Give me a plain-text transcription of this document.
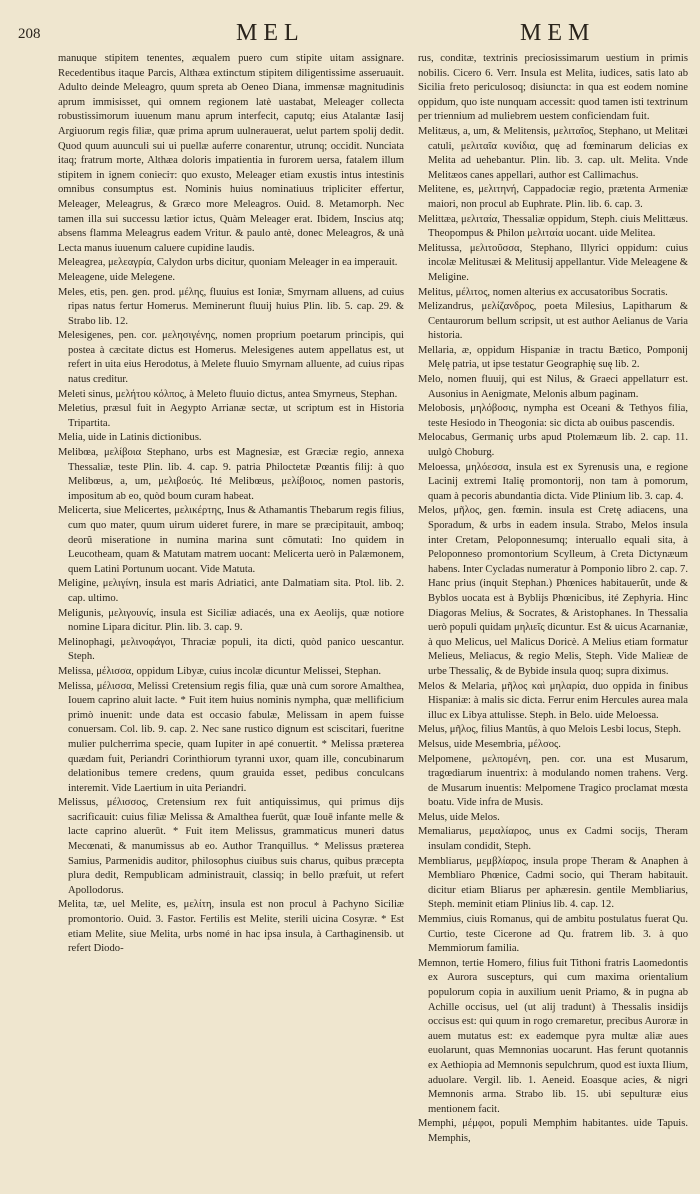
208	MEL	MEM

manuque stipitem tenentes, æqualem puero cum stipite uitam assignare. Recedentibus itaque Parcis, Althæa extinctum stipitem diligentissime asseruauit. Adulto deinde Meleagro, quum spreta ab Oeneo Diana, immensæ magnitudinis aprum immisisset, qui omnem regionem latè uastabat, Meleager collecta robustissimorum iuuenum manu aprum interfecit, caputq; eius Atalantæ Iasij Argiuorum regis filiæ, quæ prima aprum uulnerauerat, uelut partem spolij dedit. Quod quum auunculi sui ui puellæ auferre conarentur, utrunq; occidit. Nunciata itaq; fratrum morte, Althæa doloris impatientia in furorem uersa, fatalem illum stipitem in ignem conieciт: quo exusto, Meleager etiam exustis intus intestinis omnibus consumptus est. Nominis huius nominatiuus tripliciter effertur, Meleager, Meleagrus, & Græco more Meleagros. Ouid. 8. Metamorph. Nec tamen illa sui successu lætior ictus, Quàm Meleager erat. Ibidem, Inscius atq; absens flamma Meleagrus eadem Vritur. & paulo antè, donec Meleagros, & unà Lecta manus iuuenum caluere cupidine laudis.

Meleagrea, μελεαγρία, Calydon urbs dicitur, quoniam Meleager in ea imperauit.

Meleagene, uide Melegene.

Meles, etis, pen. gen. prod. μέλης, fluuius est Ioniæ, Smyrnam alluens, ad cuius ripas natus fertur Homerus. Meminerunt fluuij huius Plin. lib. 5. cap. 29. & Strabo lib. 12.

Melesigenes, pen. cor. μελησιγένης, nomen proprium poetarum principis, qui postea à cæcitate dictus est Homerus. Melesigenes autem appellatus est, ut refert in uita eius Herodotus, à Melete fluuio Smyrnam alluente, ad cuius ripas natus creditur.

Meleti sinus, μελήτου κόλπος, à Meleto fluuio dictus, antea Smyrneus, Stephan.

Meletius, præsul fuit in Aegypto Arrianæ sectæ, ut scriptum est in Historia Tripartita.

Melia, uide in Latinis dictionibus.

Melibœa, μελίβοια Stephano, urbs est Magnesiæ, est Græciæ regio, annexa Thessaliæ, teste Plin. lib. 4. cap. 9. patria Philoctetæ Pœantis filij: à quo Melibœus, a, um, μελιβοεύς. Ité Melibœus, μελίβοιος, nomen pastoris, impositum ab eo, quòd boum curam habeat.

Melicerta, siue Melicertes, μελικέρτης, Inus & Athamantis Thebarum regis filius, cum quo mater, quum uirum uideret furere, in mare se præcipitauit, amboq; deorũ miseratione in numina marina sunt cõmutati: Ino quidem in Leucotheam, quam & Matutam matrem uocant: Melicerta uerò in Palæmonem, quem Latini Portunum uocant. Vide Matuta.

Meligine, μελιγίνη, insula est maris Adriatici, ante Dalmatiam sita. Ptol. lib. 2. cap. ultimo.

Meligunis, μελιγουνίς, insula est Siciliæ adiacés, una ex Aeolijs, quæ notiore nomine Lipara dicitur. Plin. lib. 3. cap. 9.

Melinophagi, μελινοφάγοι, Thraciæ populi, ita dicti, quòd panico uescantur. Steph.

Melissa, μέλισσα, oppidum Libyæ, cuius incolæ dicuntur Melissei, Stephan.

Melissa, μέλισσα, Melissi Cretensium regis filia, quæ unà cum sorore Amalthea, Iouem caprino aluit lacte. * Fuit item huius nominis nympha, quæ mellificium primò inuenit: unde data est occasio fabulæ, Melissam in apem fuisse conuersam. Col. lib. 9. cap. 2. Nec sane rustico dignum est sciscitari, fueritne mulier pulcherrima specie, quam Iupiter in apé conuertit. * Melissa præterea quædam fuit, Periandri Corinthiorum tyranni uxor, quam ille, concubinarum delationibus temere credens, quum grauida esset, pedibus conculcans interemit. Vide Laertium in uita Periandri.

Melissus, μέλισσος, Cretensium rex fuit antiquissimus, qui primus dijs sacrificauit: cuius filiæ Melissa & Amalthea fuerūt, quæ Iouē infante melle & lacte caprino aluerūt. * Fuit item Melissus, grammaticus muneri datus Mecœnati, & manumissus ab eo. Author Tranquillus. * Melissus præterea Samius, Parmenidis auditor, philosophus ciuibus suis charus, quibus præcepta plura dedit, Rempublicam administrauit, classiq; in bello præfuit, ut refert Apollodorus.

Melita, tæ, uel Melite, es, μελίτη, insula est non procul à Pachyno Siciliæ promontorio. Ouid. 3. Fastor. Fertilis est Melite, sterili uicina Cosyræ. * Est etiam Melite, siue Melita, urbs nomé in hac ipsa insula, à Carthaginensib. ut refert Diodo-

rus, conditæ, textrinis preciosissimarum uestium in primis nobilis. Cicero 6. Verr. Insula est Melita, iudices, satis lato ab Sicilia freto periculosoq; disiuncta: in qua est eodem nomine oppidum, quo iste nunquam accessit: quod tamen isti textrinum per triennium ad muliebrem uestem conficiendam fuit.

Melitæus, a, um, & Melitensis, μελιταῖος, Stephano, ut Melitæi catuli, μελιταῖα κυνίδια, quę ad fœminarum delicias ex Melita ad uehebantur. Plin. lib. 3. cap. ult. Melita. Vnde Melitæos canes appellari, author est Callimachus.

Melitene, es, μελιτηνή, Cappadociæ regio, prætenta Armeniæ maiori, non procul ab Euphrate. Plin. lib. 6. cap. 3.

Melittæa, μελιταία, Thessaliæ oppidum, Steph. ciuis Melittæus. Theopompus & Philon μελιταία uocant. uide Melitea.

Melitussa, μελιτοῦσσα, Stephano, Illyrici oppidum: cuius incolæ Melitusæi & Melitusij appellantur. Vide Meleagene & Meligine.

Melitus, μέλιτος, nomen alterius ex accusatoribus Socratis.

Melizandrus, μελίζανδρος, poeta Milesius, Lapitharum & Centaurorum bellum scripsit, ut est author Aelianus de Varia historia.

Mellaria, æ, oppidum Hispaniæ in tractu Bætico, Pomponij Melę patria, ut ipse testatur Geographię suę lib. 2.

Melo, nomen fluuij, qui est Nilus, & Graeci appellaturr est. Ausonius in Aenigmate, Melonis album paginam.

Melobosis, μηλόβοσις, nympha est Oceani & Tethyos filia, teste Hesiodo in Theogonia: sic dicta ab ouibus pascendis.

Melocabus, Germaniç urbs apud Ptolemæum lib. 2. cap. 11. uulgò Choburg.

Meloessa, μηλόεσσα, insula est ex Syrenusis una, e regione Lacinij extremi Italię promontorij, non tam à pomorum, quam à pecoris abundantia dicta. Vide Plinium lib. 3. cap. 4.

Melos, μῆλος, gen. fœmin. insula est Cretę adiacens, una Sporadum, & urbs in eadem insula. Strabo, Melos insula inter Cretam, Peloponnesumq; interuallo equali sita, à Peloponneso promontorium Scylleum, à Creta Dictynæum habens. Inter Cycladas numeratur à Pomponio libro 2. cap. 7. Hanc prius (inquit Stephan.) Phœnices habitauerũt, unde & Byblos uocata est à Byblijs Phœnicibus, ité Zephyria. Hinc Diagoras Melius, & Socrates, & Aristophanes. In Thessalia uerò populi quidam μηλιεῖς dicuntur. Est & uicus Acarnaniæ, à quo Melicus, uel Malicus Doricè. A Melius etiam formatur Melieus, Meliacus, & regio Melis, Steph. Vide Malieæ de urbe Thessaliç, & de Bybide insula quoq; supra diximus.

Melos & Melaria, μῆλος καὶ μηλαρία, duo oppida in finibus Hispaniæ: à malis sic dicta. Ferrur enim Hercules aurea mala illuc ex Libya attulisse. Steph. in Belo. uide Meloessa.

Melus, μῆλος, filius Mantûs, à quo Melois Lesbi locus, Steph.

Melsus, uide Mesembria, μέλσος.

Melpomene, μελπομένη, pen. cor. una est Musarum, tragœdiarum inuentrix: à modulando nomen trahens. Verg. de Musarum inuentis: Melpomene Tragico proclamat mœsta boatu. Vide infra de Musis.

Melus, uide Melos.

Memaliarus, μεμαλίαρος, unus ex Cadmi socijs, Theram insulam condidit, Steph.

Membliarus, μεμβλίαρος, insula prope Theram & Anaphen à Membliaro Phœnice, Cadmi socio, qui Theram habitauit. dicitur etiam Bliarus per aphæresin. gentile Membliarius, Steph. meminit etiam Plinius lib. 4. cap. 12.

Memmius, ciuis Romanus, qui de ambitu postulatus fuerat Qu. Curtio, teste Cicerone ad Qu. fratrem lib. 3. à quo Memmiorum familia.

Memnon, tertie Homero, filius fuit Tithoni fratris Laomedontis ex Aurora suscepturs, qui cum maxima orientalium populorum copia in auxilium uenit Priamo, & in pugna ab Achille occisus, uel (ut alij tradunt) à Thessalis insidijs occisus est: qui quum in rogo cremaretur, precibus Auroræ in auem mutatus est: ex eademque pyra multæ aliæ aues euolarunt, quas Memnonias uocarunt. Has ferunt quotannis ex Aethiopia ad Memnonis sepulchrum, quod est iuxta Ilium, aduolare. Vergil. lib. 1. Aeneid. Eoasque acies, & nigri Memnonis arma. Strabo lib. 15. ubi sepulturæ eius mentionem facit.

Memphi, μέμφοι, populi Memphim habitantes. uide Tapuis. Memphis,
